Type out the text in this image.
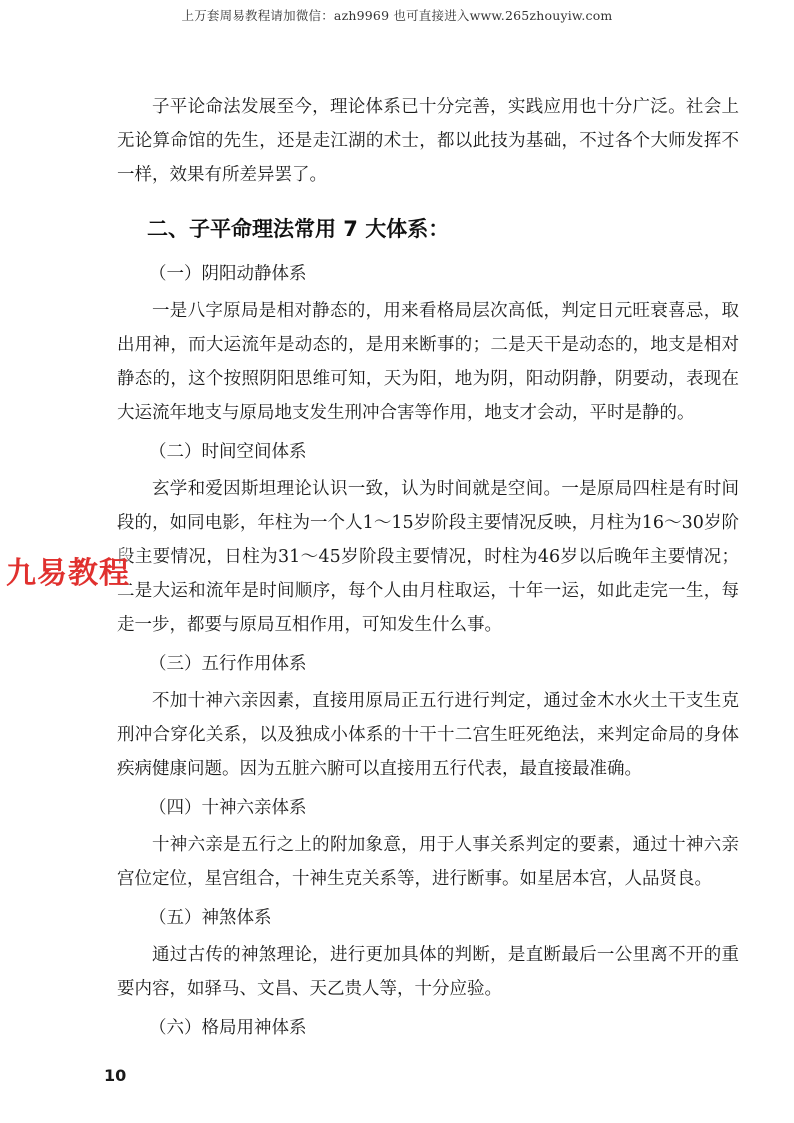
上万套周易教程请加微信：azh9969 也可直接进入www.265zhouyiw.com

子平论命法发展至今，理论体系已十分完善，实践应用也十分广泛。社会上无论算命馆的先生，还是走江湖的术士，都以此技为基础，不过各个大师发挥不一样，效果有所差异罢了。

二、子平命理法常用 7 大体系：
（一）阴阳动静体系

一是八字原局是相对静态的，用来看格局层次高低，判定日元旺衰喜忌，取出用神，而大运流年是动态的，是用来断事的；二是天干是动态的，地支是相对静态的，这个按照阴阳思维可知，天为阳，地为阴，阳动阴静，阴要动，表现在大运流年地支与原局地支发生刑冲合害等作用，地支才会动，平时是静的。

（二）时间空间体系

玄学和爱因斯坦理论认识一致，认为时间就是空间。一是原局四柱是有时间段的，如同电影，年柱为一个人1～15岁阶段主要情况反映，月柱为16～30岁阶段主要情况，日柱为31～45岁阶段主要情况，时柱为46岁以后晚年主要情况；二是大运和流年是时间顺序，每个人由月柱取运，十年一运，如此走完一生，每走一步，都要与原局互相作用，可知发生什么事。

（三）五行作用体系

不加十神六亲因素，直接用原局正五行进行判定，通过金木水火土干支生克刑冲合穿化关系，以及独成小体系的十干十二宫生旺死绝法，来判定命局的身体疾病健康问题。因为五脏六腑可以直接用五行代表，最直接最准确。

（四）十神六亲体系

十神六亲是五行之上的附加象意，用于人事关系判定的要素，通过十神六亲宫位定位，星宫组合，十神生克关系等，进行断事。如星居本宫，人品贤良。

（五）神煞体系

通过古传的神煞理论，进行更加具体的判断，是直断最后一公里离不开的重要内容，如驿马、文昌、天乙贵人等，十分应验。

（六）格局用神体系
九易教程
10
